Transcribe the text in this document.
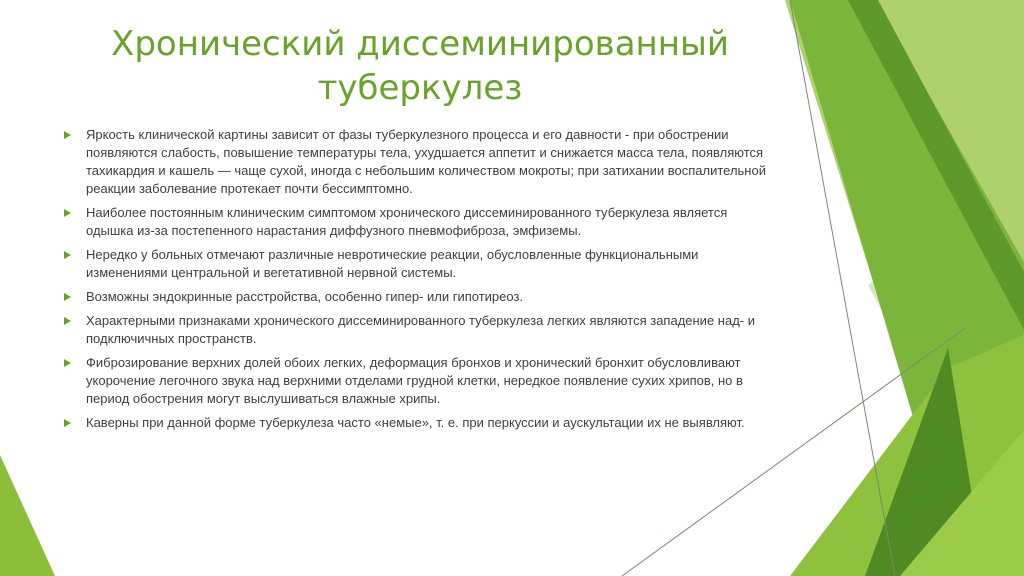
Хронический диссеминированный
туберкулез
Яркость клинической картины зависит от фазы туберкулезного процесса и его давности - при обострении появляются слабость, повышение температуры тела, ухудшается аппетит и снижается масса тела, появляются тахикардия и кашель — чаще сухой, иногда с небольшим количеством мокроты; при затихании воспалительной реакции заболевание протекает почти бессимптомно.
Наиболее постоянным клиническим симптомом хронического диссеминированного туберкулеза является одышка из-за постепенного нарастания диффузного пневмофиброза, эмфиземы.
Нередко у больных отмечают различные невротические реакции, обусловленные функциональными изменениями центральной и вегетативной нервной системы.
Возможны эндокринные расстройства, особенно гипер- или гипотиреоз.
Характерными признаками хронического диссеминированного туберкулеза легких являются западение над- и подключичных пространств.
Фиброзирование верхних долей обоих легких, деформация бронхов и хронический бронхит обусловливают укорочение легочного звука над верхними отделами грудной клетки, нередкое появление сухих хрипов, но в период обострения могут выслушиваться влажные хрипы.
Каверны при данной форме туберкулеза часто «немые», т. е. при перкуссии и аускультации их не выявляют.
